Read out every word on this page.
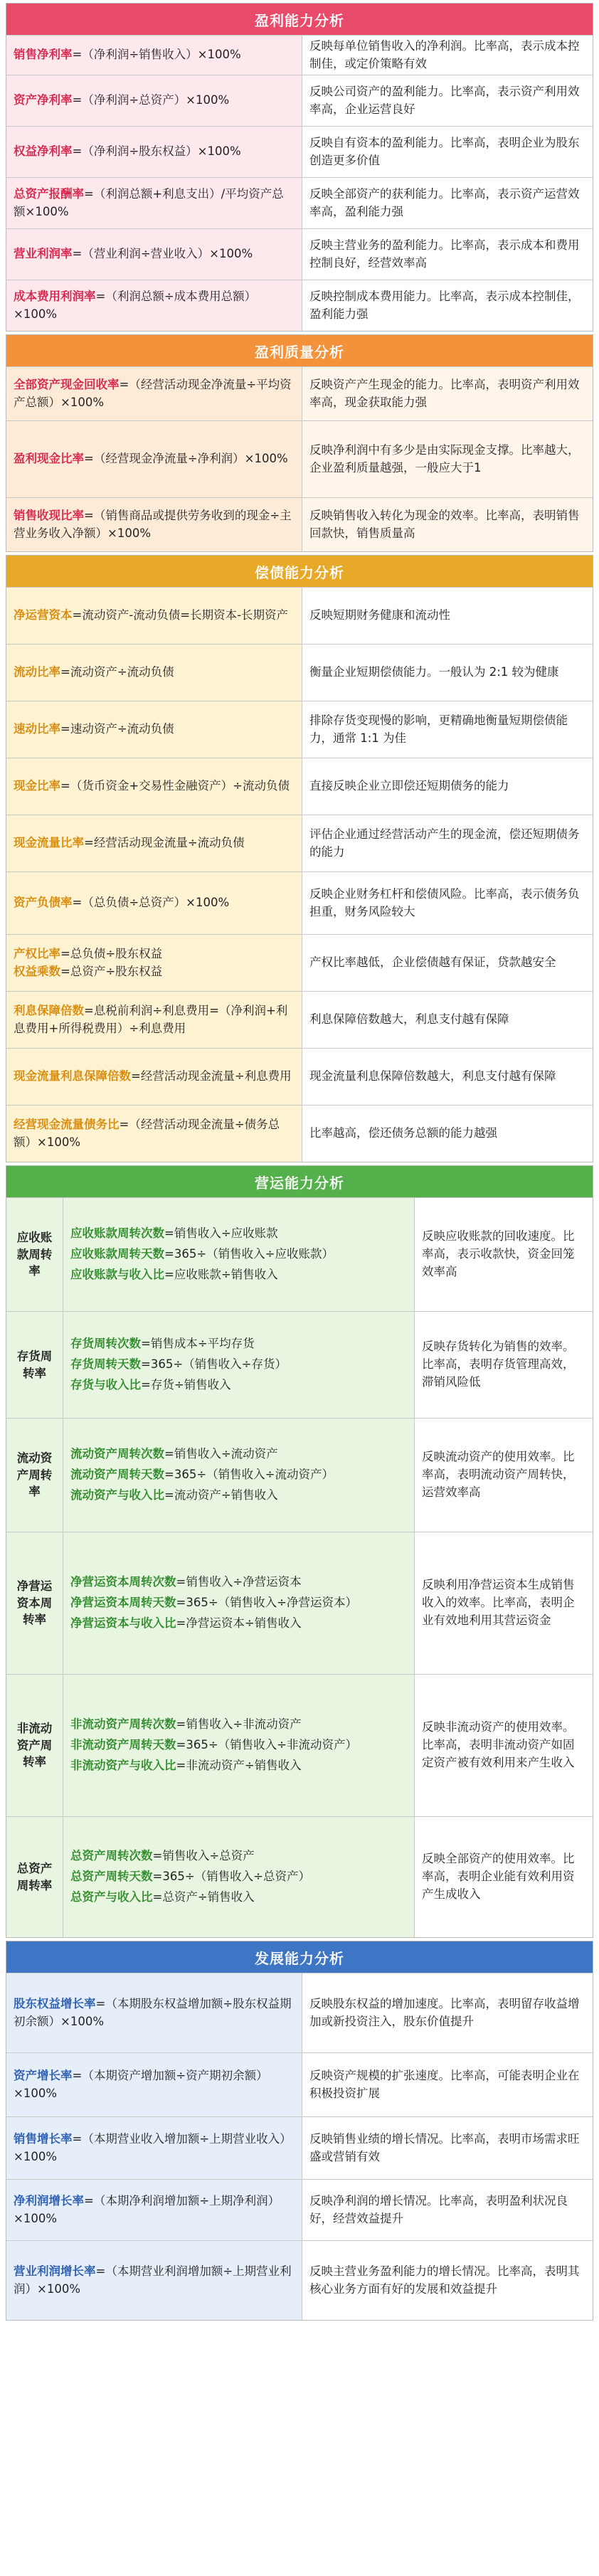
盈利能力分析
销售净利率=（净利润÷销售收入）×100%
反映每单位销售收入的净利润。比率高，表示成本控制佳，或定价策略有效
资产净利率=（净利润÷总资产）×100%
反映公司资产的盈利能力。比率高，表示资产利用效率高，企业运营良好
权益净利率=（净利润÷股东权益）×100%
反映自有资本的盈利能力。比率高，表明企业为股东创造更多价值
总资产报酬率=（利润总额+利息支出）/平均资产总额×100%
反映全部资产的获利能力。比率高，表示资产运营效率高，盈利能力强
营业利润率=（营业利润÷营业收入）×100%
反映主营业务的盈利能力。比率高，表示成本和费用控制良好，经营效率高
成本费用利润率=（利润总额÷成本费用总额）×100%
反映控制成本费用能力。比率高，表示成本控制佳，盈利能力强
盈利质量分析
全部资产现金回收率=（经营活动现金净流量÷平均资产总额）×100%
反映资产产生现金的能力。比率高，表明资产利用效率高，现金获取能力强
盈利现金比率=（经营现金净流量÷净利润）×100%
反映净利润中有多少是由实际现金支撑。比率越大，企业盈利质量越强，一般应大于1
销售收现比率=（销售商品或提供劳务收到的现金÷主营业务收入净额）×100%
反映销售收入转化为现金的效率。比率高，表明销售回款快，销售质量高
偿债能力分析
净运营资本=流动资产-流动负债=长期资本-长期资产	反映短期财务健康和流动性
流动比率=流动资产÷流动负债	衡量企业短期偿债能力。一般认为 2:1 较为健康
速动比率=速动资产÷流动负债
排除存货变现慢的影响，更精确地衡量短期偿债能力，通常 1:1 为佳
现金比率=（货币资金+交易性金融资产）÷流动负债	直接反映企业立即偿还短期债务的能力
现金流量比率=经营活动现金流量÷流动负债
评估企业通过经营活动产生的现金流，偿还短期债务的能力
资产负债率=（总负债÷总资产）×100%
反映企业财务杠杆和偿债风险。比率高，表示债务负担重，财务风险较大
产权比率=总负债÷股东权益
权益乘数=总资产÷股东权益
产权比率越低，企业偿债越有保证，贷款越安全
利息保障倍数=息税前利润÷利息费用=（净利润+利息费用+所得税费用）÷利息费用
利息保障倍数越大，利息支付越有保障
现金流量利息保障倍数=经营活动现金流量÷利息费用	现金流量利息保障倍数越大，利息支付越有保障
经营现金流量债务比=（经营活动现金流量÷债务总额）×100%
比率越高，偿还债务总额的能力越强
营运能力分析
应收账款周转率
应收账款周转次数=销售收入÷应收账款
应收账款周转天数=365÷（销售收入÷应收账款）
应收账款与收入比=应收账款÷销售收入
反映应收账款的回收速度。比率高，表示收款快，资金回笼效率高
存货周转率
存货周转次数=销售成本÷平均存货
存货周转天数=365÷（销售收入÷存货）
存货与收入比=存货÷销售收入
反映存货转化为销售的效率。比率高，表明存货管理高效，滞销风险低
流动资产周转率
流动资产周转次数=销售收入÷流动资产
流动资产周转天数=365÷（销售收入÷流动资产）
流动资产与收入比=流动资产÷销售收入
反映流动资产的使用效率。比率高，表明流动资产周转快，运营效率高
净营运资本周转率
净营运资本周转次数=销售收入÷净营运资本
净营运资本周转天数=365÷（销售收入÷净营运资本）
净营运资本与收入比=净营运资本÷销售收入
反映利用净营运资本生成销售收入的效率。比率高，表明企业有效地利用其营运资金
非流动资产周转率
非流动资产周转次数=销售收入÷非流动资产
非流动资产周转天数=365÷（销售收入÷非流动资产）
非流动资产与收入比=非流动资产÷销售收入
反映非流动资产的使用效率。比率高，表明非流动资产如固定资产被有效利用来产生收入
总资产周转率
总资产周转次数=销售收入÷总资产
总资产周转天数=365÷（销售收入÷总资产）
总资产与收入比=总资产÷销售收入
反映全部资产的使用效率。比率高，表明企业能有效利用资产生成收入
发展能力分析
股东权益增长率=（本期股东权益增加额÷股东权益期初余额）×100%
反映股东权益的增加速度。比率高，表明留存收益增加或新投资注入，股东价值提升
资产增长率=（本期资产增加额÷资产期初余额）×100%
反映资产规模的扩张速度。比率高，可能表明企业在积极投资扩展
销售增长率=（本期营业收入增加额÷上期营业收入）×100%
反映销售业绩的增长情况。比率高，表明市场需求旺盛或营销有效
净利润增长率=（本期净利润增加额÷上期净利润）×100%
反映净利润的增长情况。比率高，表明盈利状况良好，经营效益提升
营业利润增长率=（本期营业利润增加额÷上期营业利润）×100%
反映主营业务盈利能力的增长情况。比率高，表明其核心业务方面有好的发展和效益提升
